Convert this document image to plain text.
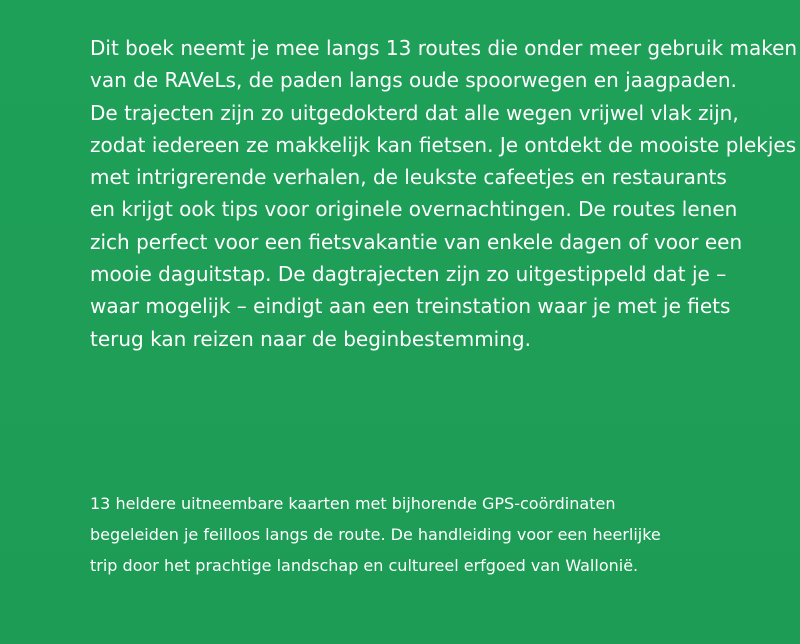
Dit boek neemt je mee langs 13 routes die onder meer gebruik maken
van de RAVeLs, de paden langs oude spoorwegen en jaagpaden.
De trajecten zijn zo uitgedokterd dat alle wegen vrijwel vlak zijn,
zodat iedereen ze makkelijk kan fietsen. Je ontdekt de mooiste plekjes
met intrigrerende verhalen, de leukste cafeetjes en restaurants
en krijgt ook tips voor originele overnachtingen. De routes lenen
zich perfect voor een fietsvakantie van enkele dagen of voor een
mooie daguitstap. De dagtrajecten zijn zo uitgestippeld dat je –
waar mogelijk – eindigt aan een treinstation waar je met je fiets
terug kan reizen naar de beginbestemming.

13 heldere uitneembare kaarten met bijhorende GPS-coördinaten
begeleiden je feilloos langs de route. De handleiding voor een heerlijke
trip door het prachtige landschap en cultureel erfgoed van Wallonië.
